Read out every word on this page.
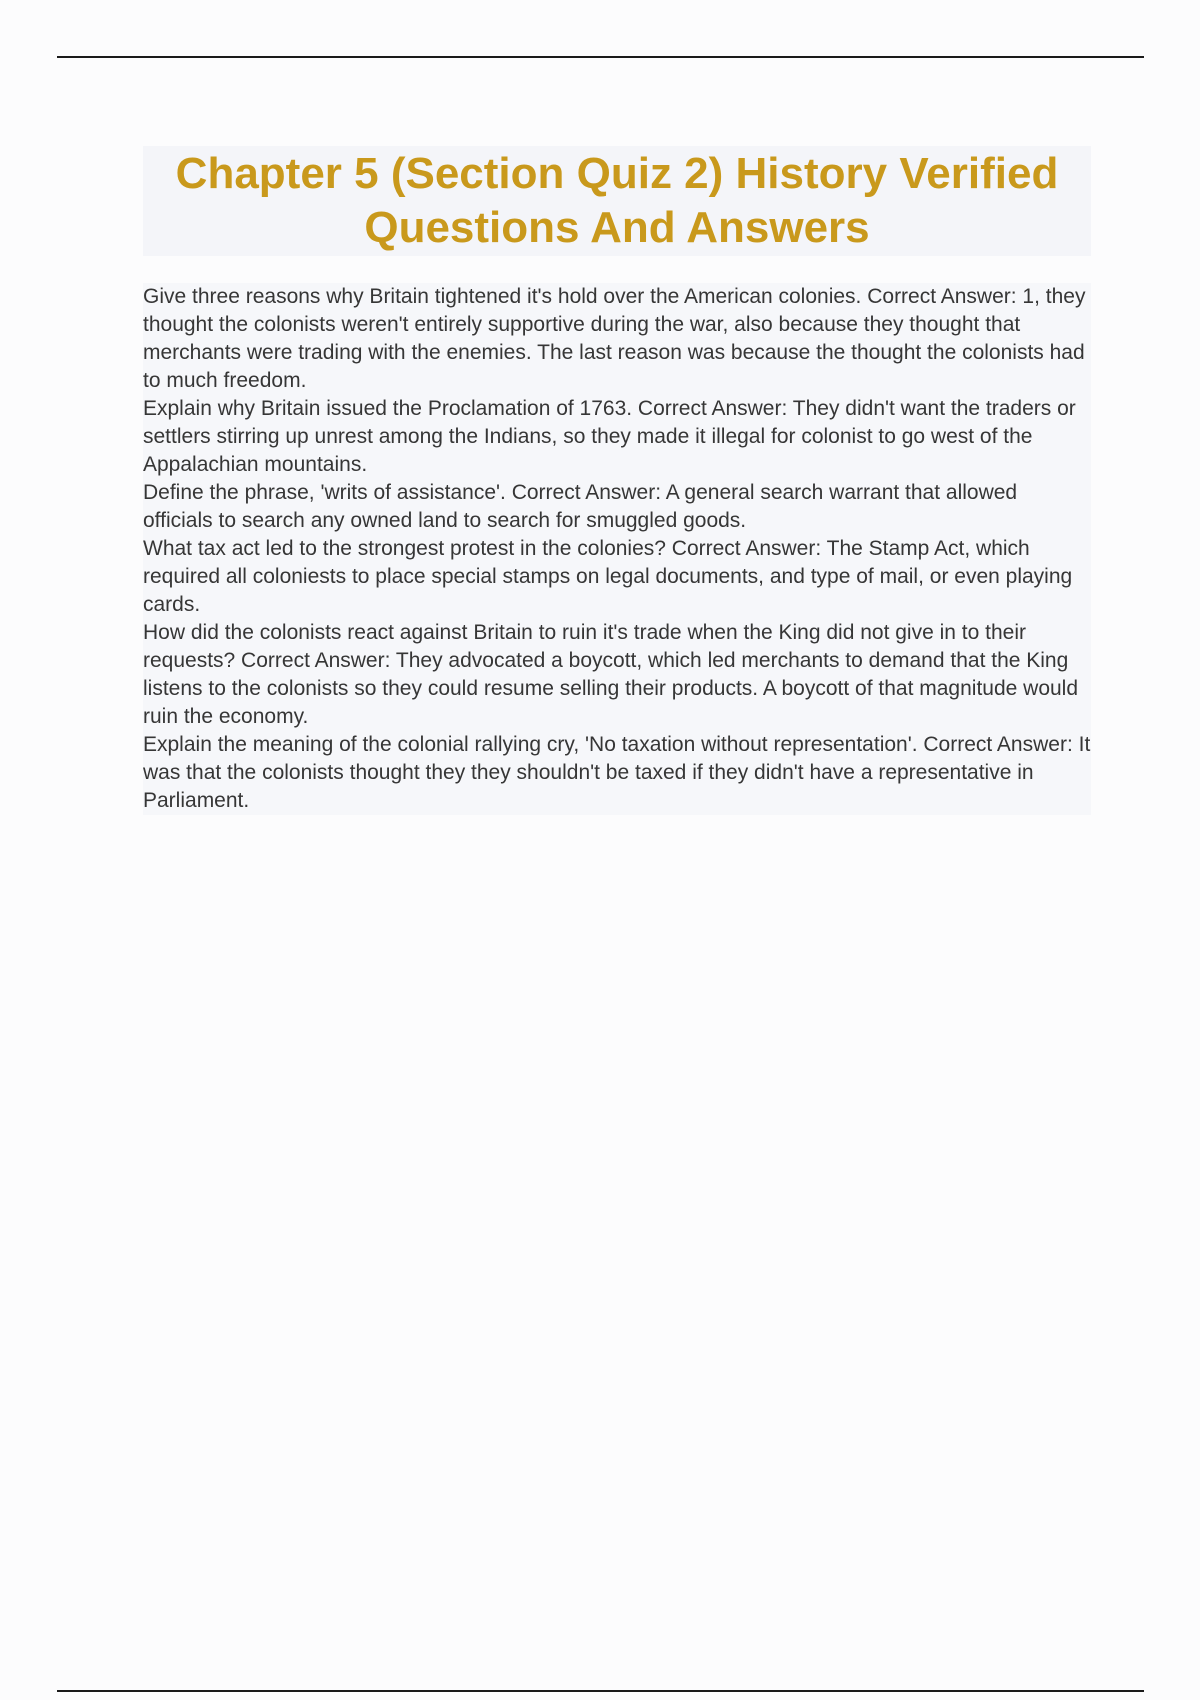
Chapter 5 (Section Quiz 2) History Verified Questions And Answers

Give three reasons why Britain tightened it's hold over the American colonies. Correct Answer: 1, they thought the colonists weren't entirely supportive during the war, also because they thought that merchants were trading with the enemies. The last reason was because the thought the colonists had to much freedom.

Explain why Britain issued the Proclamation of 1763. Correct Answer: They didn't want the traders or settlers stirring up unrest among the Indians, so they made it illegal for colonist to go west of the Appalachian mountains.

Define the phrase, 'writs of assistance'. Correct Answer: A general search warrant that allowed officials to search any owned land to search for smuggled goods.

What tax act led to the strongest protest in the colonies? Correct Answer: The Stamp Act, which required all coloniests to place special stamps on legal documents, and type of mail, or even playing cards.

How did the colonists react against Britain to ruin it's trade when the King did not give in to their requests? Correct Answer: They advocated a boycott, which led merchants to demand that the King listens to the colonists so they could resume selling their products. A boycott of that magnitude would ruin the economy.

Explain the meaning of the colonial rallying cry, 'No taxation without representation'. Correct Answer: It was that the colonists thought they they shouldn't be taxed if they didn't have a representative in Parliament.
